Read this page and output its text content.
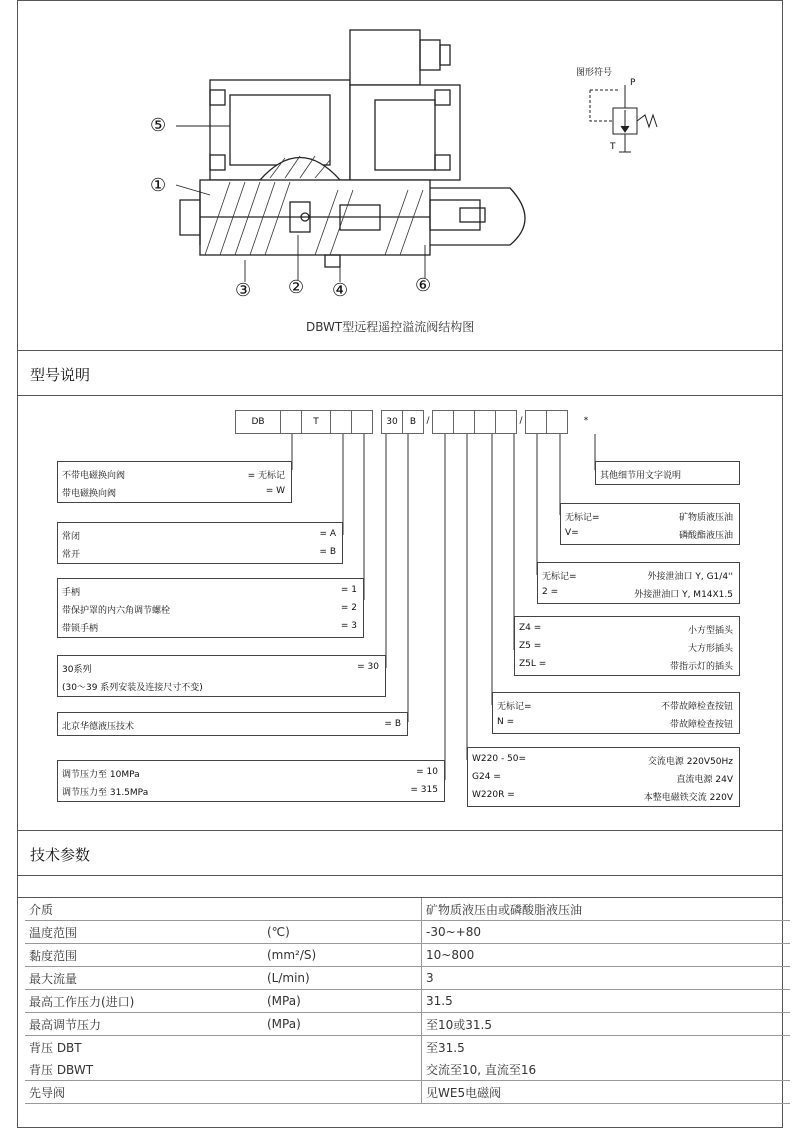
⑤
①
③ ② ④	⑥
DBWT型远程遥控溢流阀结构图
图形符号
P
T
型号说明
DB	T	30	B	/	/	*
不带电磁换向阀	= 无标记
带电磁换向阀	= W
常闭	= A
常开	= B
手柄	= 1
带保护罩的内六角调节螺栓	= 2
带锁手柄	= 3
30系列	= 30
(30～39 系列安装及连接尺寸不变)
北京华德液压技术	= B
调节压力至 10MPa	= 10
调节压力至 31.5MPa	= 315
其他细节用文字说明
无标记=	矿物质液压油
V=	磷酸酯液压油
无标记=	外接泄油口 Y, G1/4''
2 =	外接泄油口 Y, M14X1.5
Z4 =	小方型插头
Z5 =	大方形插头
Z5L =	带指示灯的插头
无标记=	不带故障检查按钮
N =	带故障检查按钮
W220 - 50=	交流电源 220V50Hz
G24 =	直流电源 24V
W220R =	本整电磁铁交流 220V
技术参数
介质		矿物质液压由或磷酸脂液压油
温度范围	(℃)	-30~+80
黏度范围	(mm²/S)	10~800
最大流量	(L/min)	3
最高工作压力(进口)	(MPa)	31.5
最高调节压力	(MPa)	至10或31.5
背压 DBT		至31.5
背压 DBWT		交流至10, 直流至16
先导阀		见WE5电磁阀
